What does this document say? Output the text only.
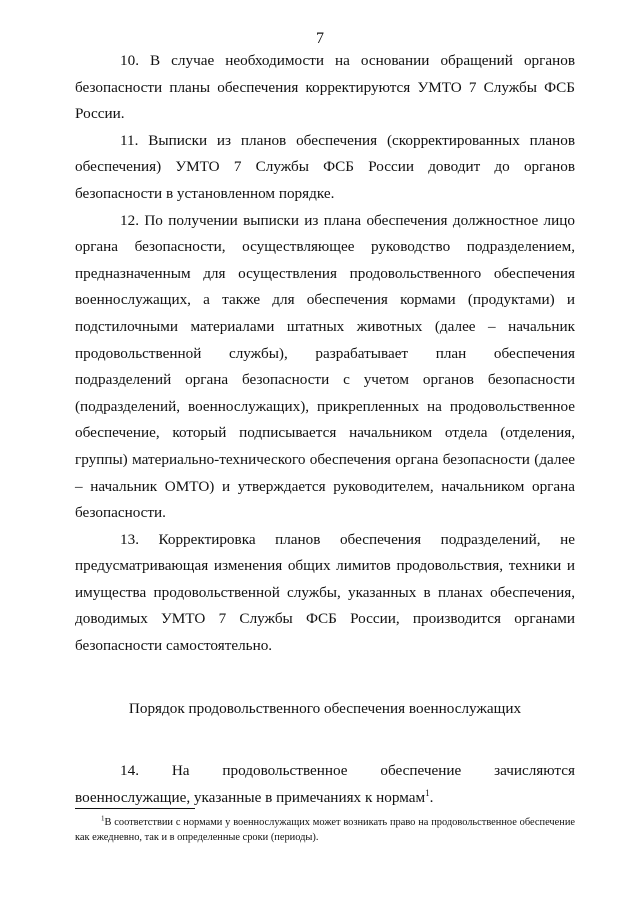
7

10. В случае необходимости на основании обращений органов безопасности планы обеспечения корректируются УМТО 7 Службы ФСБ России.

11. Выписки из планов обеспечения (скорректированных планов обеспечения) УМТО 7 Службы ФСБ России доводит до органов безопасности в установленном порядке.

12. По получении выписки из плана обеспечения должностное лицо органа безопасности, осуществляющее руководство подразделением, предназначенным для осуществления продовольственного обеспечения военнослужащих, а также для обеспечения кормами (продуктами) и подстилочными материалами штатных животных (далее – начальник продовольственной службы), разрабатывает план обеспечения подразделений органа безопасности с учетом органов безопасности (подразделений, военнослужащих), прикрепленных на продовольственное обеспечение, который подписывается начальником отдела (отделения, группы) материально-технического обеспечения органа безопасности (далее – начальник ОМТО) и утверждается руководителем, начальником органа безопасности.

13. Корректировка планов обеспечения подразделений, не предусматривающая изменения общих лимитов продовольствия, техники и имущества продовольственной службы, указанных в планах обеспечения, доводимых УМТО 7 Службы ФСБ России, производится органами безопасности самостоятельно.

Порядок продовольственного обеспечения военнослужащих

14. На продовольственное обеспечение зачисляются военнослужащие, указанные в примечаниях к нормам$^1$.

$^1$В соответствии с нормами у военнослужащих может возникать право на продовольственное обеспечение как ежедневно, так и в определенные сроки (периоды).
